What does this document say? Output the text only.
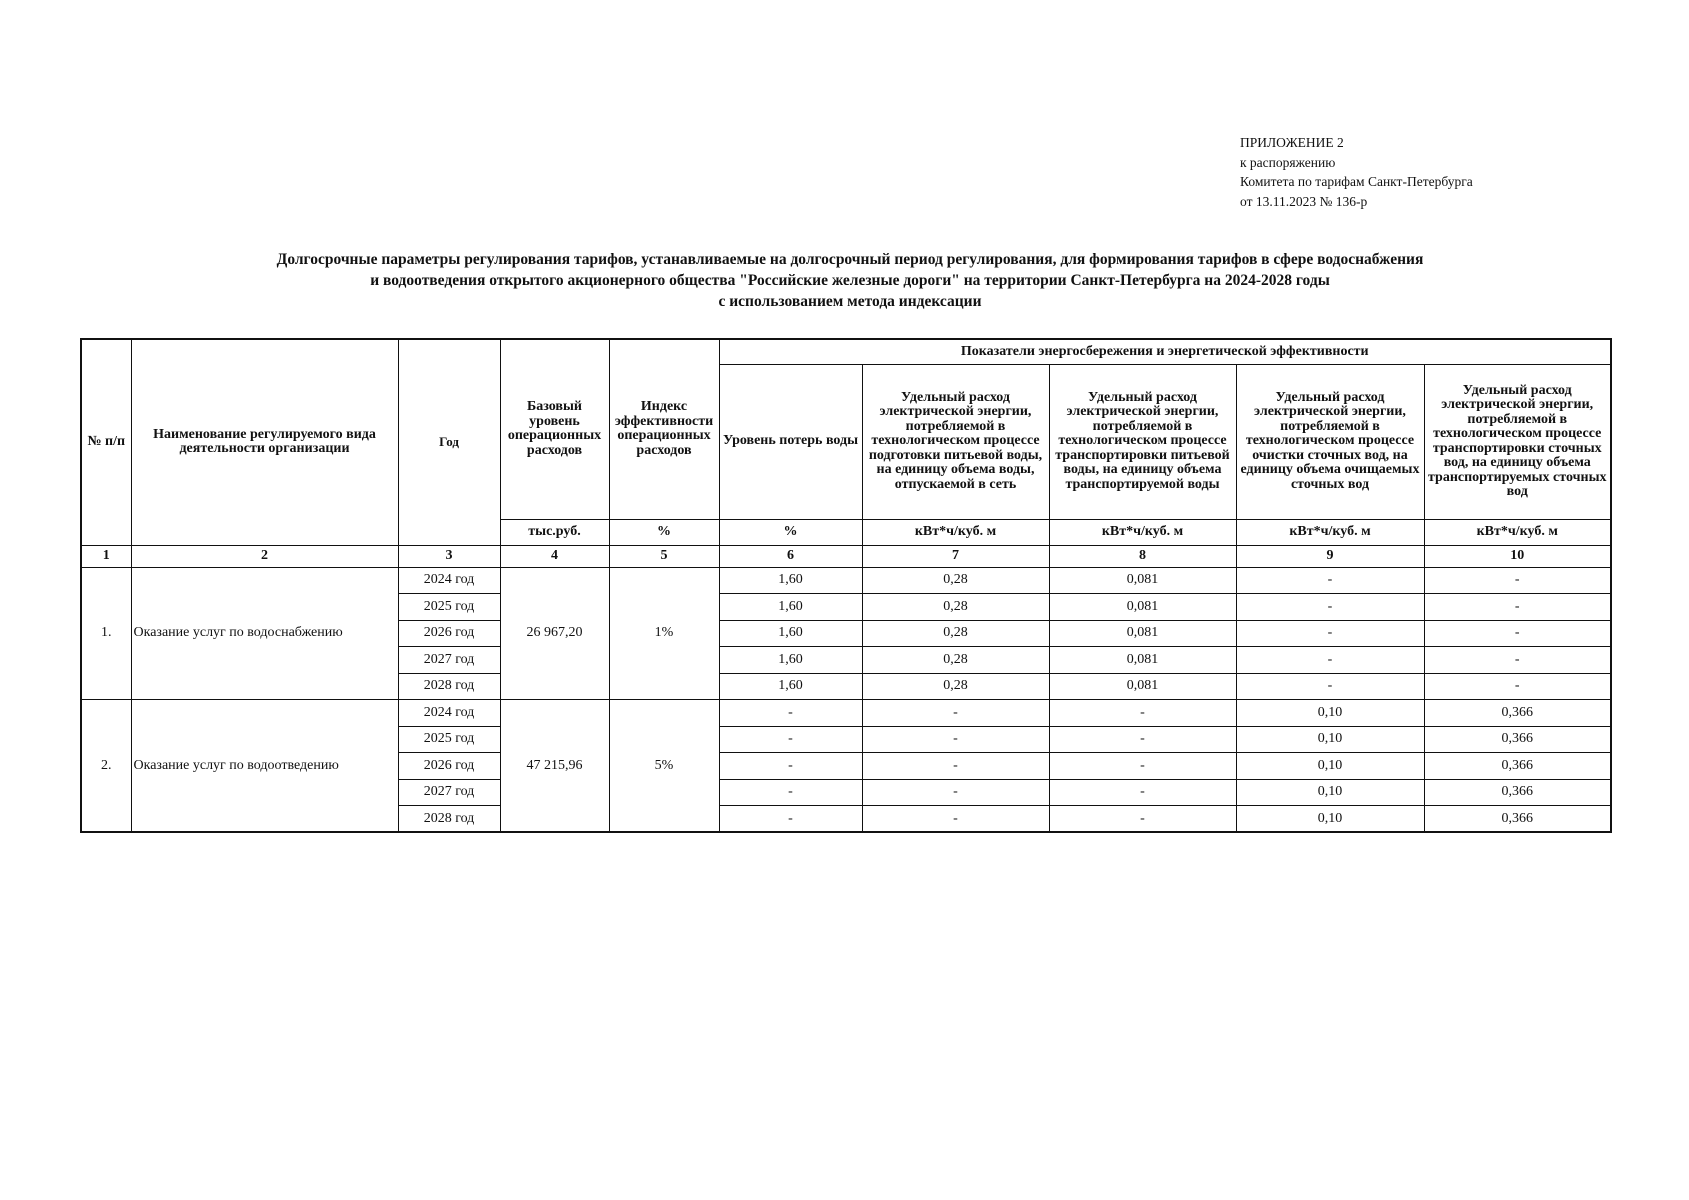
ПРИЛОЖЕНИЕ 2
к распоряжению
Комитета по тарифам Санкт-Петербурга
от 13.11.2023 № 136-р
Долгосрочные параметры регулирования тарифов, устанавливаемые на долгосрочный период регулирования, для формирования тарифов в сфере водоснабжения
и водоотведения открытого акционерного общества "Российские железные дороги" на территории Санкт-Петербурга на 2024-2028 годы
с использованием метода индексации
№ п/п	Наименование регулируемого вида деятельности организации	Год	Базовый уровень операционных расходов	Индекс эффективности операционных расходов	Показатели энергосбережения и энергетической эффективности				
					Уровень потерь воды	Удельный расход электрической энергии, потребляемой в технологическом процессе подготовки питьевой воды, на единицу объема воды, отпускаемой в сеть	Удельный расход электрической энергии, потребляемой в технологическом процессе транспортировки питьевой воды, на единицу объема транспортируемой воды	Удельный расход электрической энергии, потребляемой в технологическом процессе очистки сточных вод, на единицу объема очищаемых сточных вод	Удельный расход электрической энергии, потребляемой в технологическом процессе транспортировки сточных вод, на единицу объема транспортируемых сточных вод
			тыс.руб.	%	%	кВт*ч/куб. м	кВт*ч/куб. м	кВт*ч/куб. м	кВт*ч/куб. м
1	2	3	4	5	6	7	8	9	10
1.	Оказание услуг по водоснабжению	2024 год	26 967,20	1%	1,60	0,28	0,081	-	-
		2025 год			1,60	0,28	0,081	-	-
		2026 год			1,60	0,28	0,081	-	-
		2027 год			1,60	0,28	0,081	-	-
		2028 год			1,60	0,28	0,081	-	-
2.	Оказание услуг по водоотведению	2024 год	47 215,96	5%	-	-	-	0,10	0,366
		2025 год			-	-	-	0,10	0,366
		2026 год			-	-	-	0,10	0,366
		2027 год			-	-	-	0,10	0,366
		2028 год			-	-	-	0,10	0,366
